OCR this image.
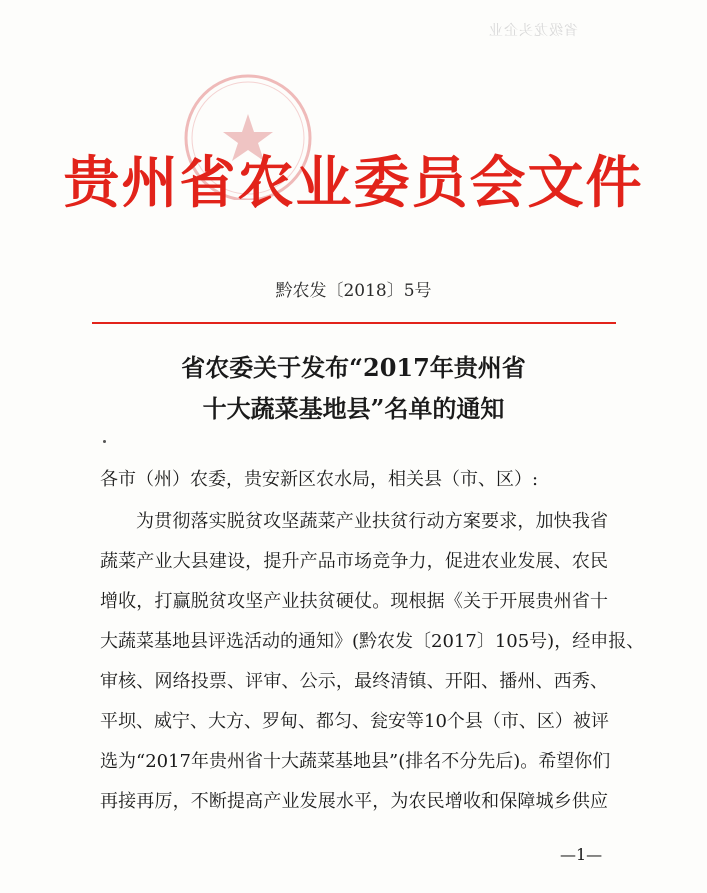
省级龙头企业
贵州省农业委员会文件
黔农发〔2018〕5号
省农委关于发布“2017年贵州省
十大蔬菜基地县”名单的通知
各市（州）农委，贵安新区农水局，相关县（市、区）:
为贯彻落实脱贫攻坚蔬菜产业扶贫行动方案要求，加快我省
蔬菜产业大县建设，提升产品市场竞争力，促进农业发展、农民
增收，打赢脱贫攻坚产业扶贫硬仗。现根据《关于开展贵州省十
大蔬菜基地县评选活动的通知》(黔农发〔2017〕105号)，经申报、
审核、网络投票、评审、公示，最终清镇、开阳、播州、西秀、
平坝、威宁、大方、罗甸、都匀、瓮安等10个县（市、区）被评
选为“2017年贵州省十大蔬菜基地县”(排名不分先后)。希望你们
再接再厉，不断提高产业发展水平，为农民增收和保障城乡供应
—1—
